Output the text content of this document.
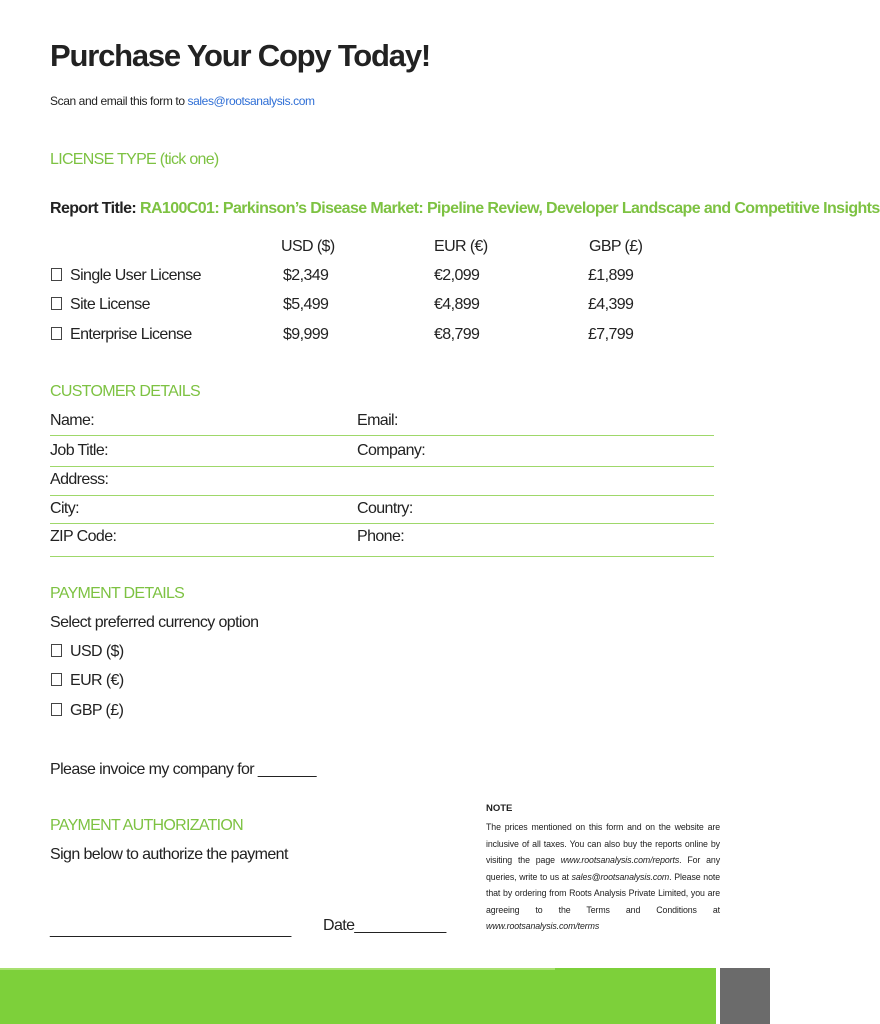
Purchase Your Copy Today!
Scan and email this form to sales@rootsanalysis.com
LICENSE TYPE (tick one)
Report Title: RA100C01: Parkinson’s Disease Market: Pipeline Review, Developer Landscape and Competitive Insights
USD ($)	EUR (€)	GBP (£)
Single User License	$2,349	€2,099	£1,899
Site License	$5,499	€4,899	£4,399
Enterprise License	$9,999	€8,799	£7,799
CUSTOMER DETAILS
Name:	Email:
Job Title:	Company:
Address:
City:	Country:
ZIP Code:	Phone:
PAYMENT DETAILS
Select preferred currency option
USD ($)
EUR (€)
GBP (£)
Please invoice my company for _______
PAYMENT AUTHORIZATION
Sign below to authorize the payment
_____________________________ Date___________
NOTE
The prices mentioned on this form and on the website are inclusive of all taxes. You can also buy the reports online by visiting the page www.rootsanalysis.com/reports. For any queries, write to us at sales@rootsanalysis.com. Please note that by ordering from Roots Analysis Private Limited, you are agreeing to the Terms and Conditions at www.rootsanalysis.com/terms
